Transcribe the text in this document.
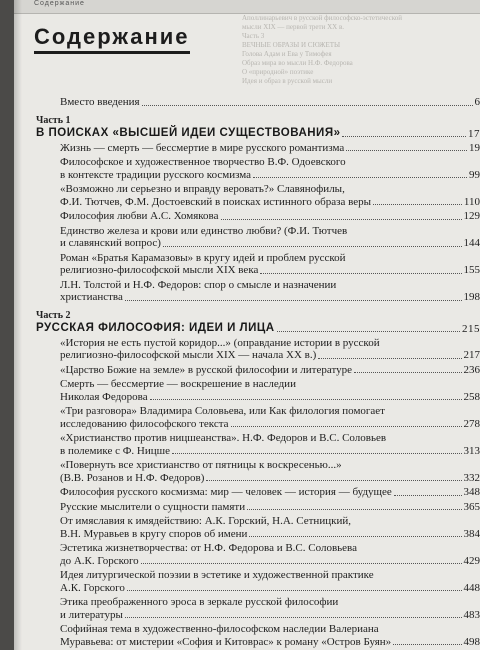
Содержание
Аполлинарьевич в русской философско-эстетической
мысли XIX — первой трети XX в.
Часть 3
ВЕЧНЫЕ ОБРАЗЫ И СЮЖЕТЫ
Голова Адам и Ева у Тимофея
Образ мира во мысли Н.Ф. Федорова
О «природной» поэтике
Идея и образ в русской мысли
Содержание
Вместо введения	6
Часть 1
В ПОИСКАХ «ВЫСШЕЙ ИДЕИ СУЩЕСТВОВАНИЯ»	17
Жизнь — смерть — бессмертие в мире русского романтизма	19
Философское и художественное творчество В.Ф. Одоевского
в контексте традиции русского космизма	99
«Возможно ли серьезно и вправду веровать?» Славянофилы,
Ф.И. Тютчев, Ф.М. Достоевский в поисках истинного образа веры	110
Философия любви А.С. Хомякова	129
Единство железа и крови или единство любви? (Ф.И. Тютчев
и славянский вопрос)	144
Роман «Братья Карамазовы» в кругу идей и проблем русской
религиозно-философской мысли XIX века	155
Л.Н. Толстой и Н.Ф. Федоров: спор о смысле и назначении
христианства	198
Часть 2
РУССКАЯ ФИЛОСОФИЯ: ИДЕИ И ЛИЦА	215
«История не есть пустой коридор...» (оправдание истории в русской
религиозно-философской мысли XIX — начала XX в.)	217
«Царство Божие на земле» в русской философии и литературе	236
Смерть — бессмертие — воскрешение в наследии
Николая Федорова	258
«Три разговора» Владимира Соловьева, или Как филология помогает
исследованию философского текста	278
«Христианство против ницшеанства». Н.Ф. Федоров и В.С. Соловьев
в полемике с Ф. Ницше	313
«Повернуть все христианство от пятницы к воскресенью...»
(В.В. Розанов и Н.Ф. Федоров)	332
Философия русского космизма: мир — человек — история — будущее	348
Русские мыслители о сущности памяти	365
От имяславия к имядействию: А.К. Горский, Н.А. Сетницкий,
В.Н. Муравьев в кругу споров об имени	384
Эстетика жизнетворчества: от Н.Ф. Федорова и В.С. Соловьева
до А.К. Горского	429
Идея литургической поэзии в эстетике и художественной практике
А.К. Горского	448
Этика преображенного эроса в зеркале русской философии
и литературы	483
Софийная тема в художественно-философском наследии Валериана
Муравьева: от мистерии «София и Китоврас» к роману «Остров Буян»	498
